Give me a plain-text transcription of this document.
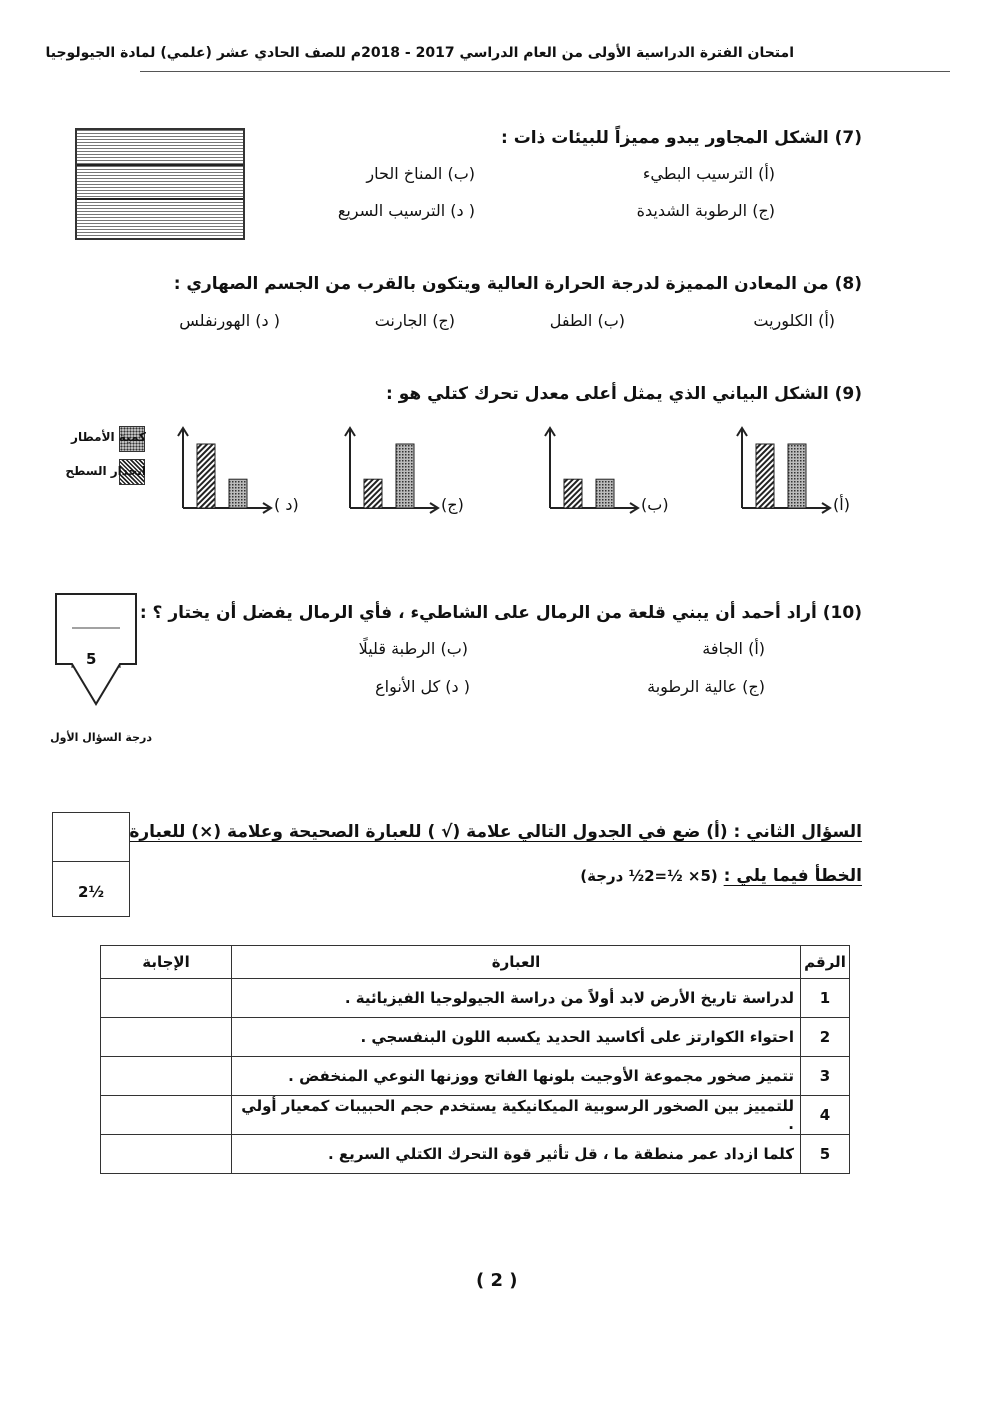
امتحان الفترة الدراسية الأولى من العام الدراسي 2017 - 2018م للصف الحادي عشر (علمي) لمادة الجيولوجيا
(7) الشكل المجاور يبدو مميزاً للبيئات ذات :
(أ) الترسيب البطيء
(ب) المناخ الحار
(ج) الرطوبة الشديدة
( د) الترسيب السريع
(8) من المعادن المميزة لدرجة الحرارة العالية ويتكون بالقرب من الجسم الصهاري :
(أ) الكلوريت
(ب) الطفل
(ج) الجارنت
( د) الهورنفلس
(9) الشكل البياني الذي يمثل أعلى معدل تحرك كتلي هو :
كمية الأمطار
انحدار السطح
(أ)
(ب)
(ج)
( د)
(10) أراد أحمد أن يبني قلعة من الرمال على الشاطيء ، فأي الرمال يفضل أن يختار ؟ :
(أ) الجافة
(ب) الرطبة قليلًا
(ج) عالية الرطوبة
( د) كل الأنواع
5
درجة السؤال الأول
السؤال الثاني : (أ) ضع في الجدول التالي علامة (√ ) للعبارة الصحيحة وعلامة (×) للعبارة
الخطأ فيما يلي : (5× ½=2½ درجة)
2½
الرقم	العبارة	الإجابة
1	لدراسة تاريخ الأرض لابد أولاً من دراسة الجيولوجيا الفيزيائية .	
2	احتواء الكوارتز على أكاسيد الحديد يكسبه اللون البنفسجي .	
3	تتميز صخور مجموعة الأوجيت بلونها الفاتح ووزنها النوعي المنخفض .	
4	للتمييز بين الصخور الرسوبية الميكانيكية يستخدم حجم الحبيبات كمعيار أولي .	
5	كلما ازداد عمر منطقة ما ، قل تأثير قوة التحرك الكتلي السريع .	
( 2 )
